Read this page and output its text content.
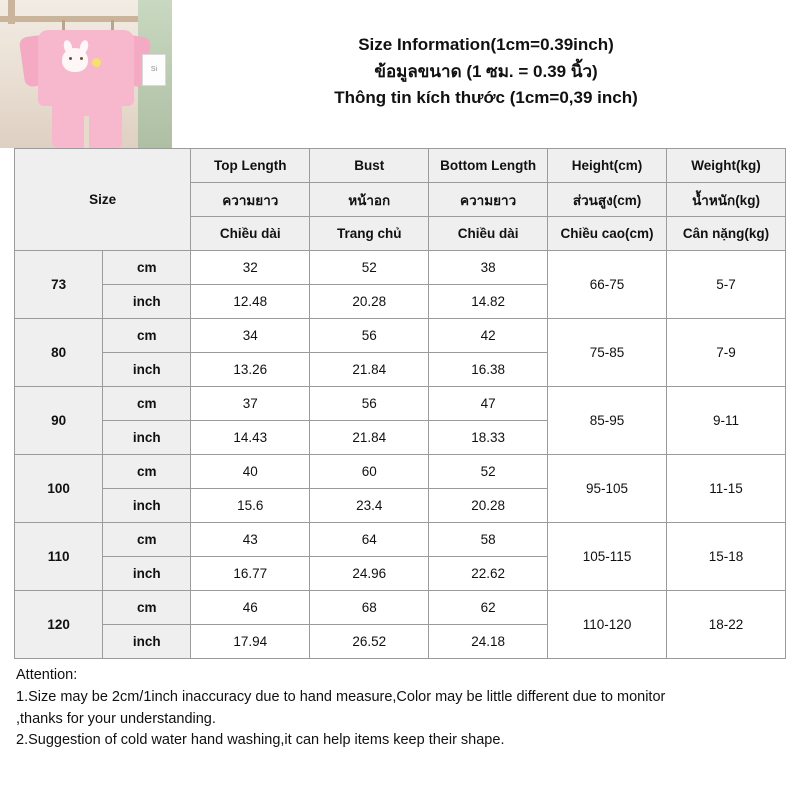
Si
Size Information(1cm=0.39inch)
ข้อมูลขนาด (1 ซม. = 0.39 นิ้ว)
Thông tin kích thước (1cm=0,39 inch)
Size		Top Length	Bust	Bottom Length	Height(cm)	Weight(kg)
		ความยาว	หน้าอก	ความยาว	ส่วนสูง(cm)	น้ำหนัก(kg)
		Chiều dài	Trang chủ	Chiều dài	Chiều cao(cm)	Cân nặng(kg)
73	cm	32	52	38	66-75	5-7
	inch	12.48	20.28	14.82		
80	cm	34	56	42	75-85	7-9
	inch	13.26	21.84	16.38		
90	cm	37	56	47	85-95	9-11
	inch	14.43	21.84	18.33		
100	cm	40	60	52	95-105	11-15
	inch	15.6	23.4	20.28		
110	cm	43	64	58	105-115	15-18
	inch	16.77	24.96	22.62		
120	cm	46	68	62	110-120	18-22
	inch	17.94	26.52	24.18		

Attention:

1.Size may be 2cm/1inch inaccuracy due to hand measure,Color may be little different due to monitor

,thanks for your understanding.

2.Suggestion of cold water hand washing,it can help items keep their shape.
